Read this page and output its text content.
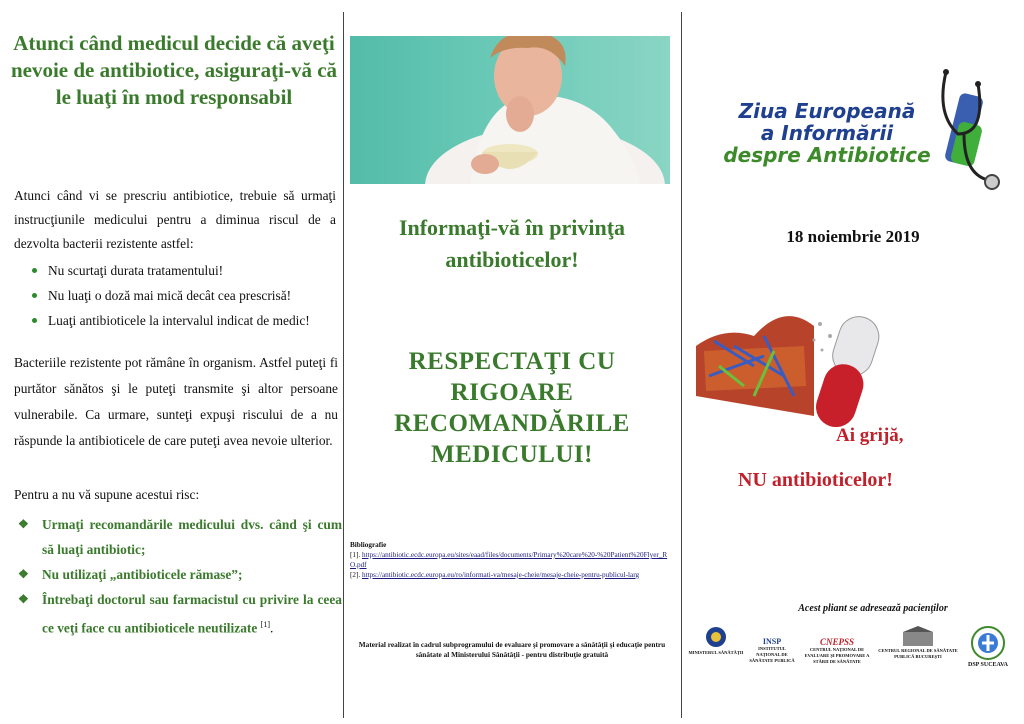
Atunci când medicul decide că aveţi nevoie de antibiotice, asiguraţi-vă că le luaţi în mod responsabil
Atunci când vi se prescriu antibiotice, trebuie să urmaţi instrucţiunile medicului pentru a diminua riscul de a dezvolta bacterii rezistente astfel:
Nu scurtaţi durata tratamentului!
Nu luaţi o doză mai mică decât cea prescrisă!
Luaţi antibioticele la intervalul indicat de medic!
Bacteriile rezistente pot rămâne în organism. Astfel puteţi fi purtător sănătos şi le puteţi transmite şi altor persoane vulnerabile. Ca urmare, sunteţi expuşi riscului de a nu răspunde la antibioticele de care puteţi avea nevoie ulterior.
Pentru a nu vă supune acestui risc:
❖ Urmaţi recomandările medicului dvs. când şi cum să luaţi antibiotic;
❖ Nu utilizaţi „antibioticele rămase”;
❖ Întrebaţi doctorul sau farmacistul cu privire la ceea ce veţi face cu antibioticele neutilizate [1].
Informaţi-vă în privinţa antibioticelor!
RESPECTAŢI CU RIGOARE RECOMANDĂRILE MEDICULUI!
Bibliografie
[1]. https://antibiotic.ecdc.europa.eu/sites/eaad/files/documents/Primary%20care%20-%20Patient%20Flyer_RO.pdf
[2]. https://antibiotic.ecdc.europa.eu/ro/informati-va/mesaje-cheie/mesaje-cheie-pentru-publicul-larg
Material realizat în cadrul subprogramului de evaluare şi promovare a sănătăţii şi educaţie pentru sănătate al Ministerului Sănătăţii - pentru distribuţie gratuită
Ziua Europeană
a Informării
despre Antibiotice
18 noiembrie 2019
Ai grijă,
NU antibioticelor!
Acest pliant se adresează pacienţilor
MINISTERUL SĂNĂTĂŢII
INSP
INSTITUTUL NAŢIONAL DE SĂNĂTATE PUBLICĂ
CNEPSS
CENTRUL NAŢIONAL DE EVALUARE ŞI PROMOVARE A STĂRII DE SĂNĂTATE
CENTRUL REGIONAL DE SĂNĂTATE PUBLICĂ BUCUREŞTI
DSP SUCEAVA
